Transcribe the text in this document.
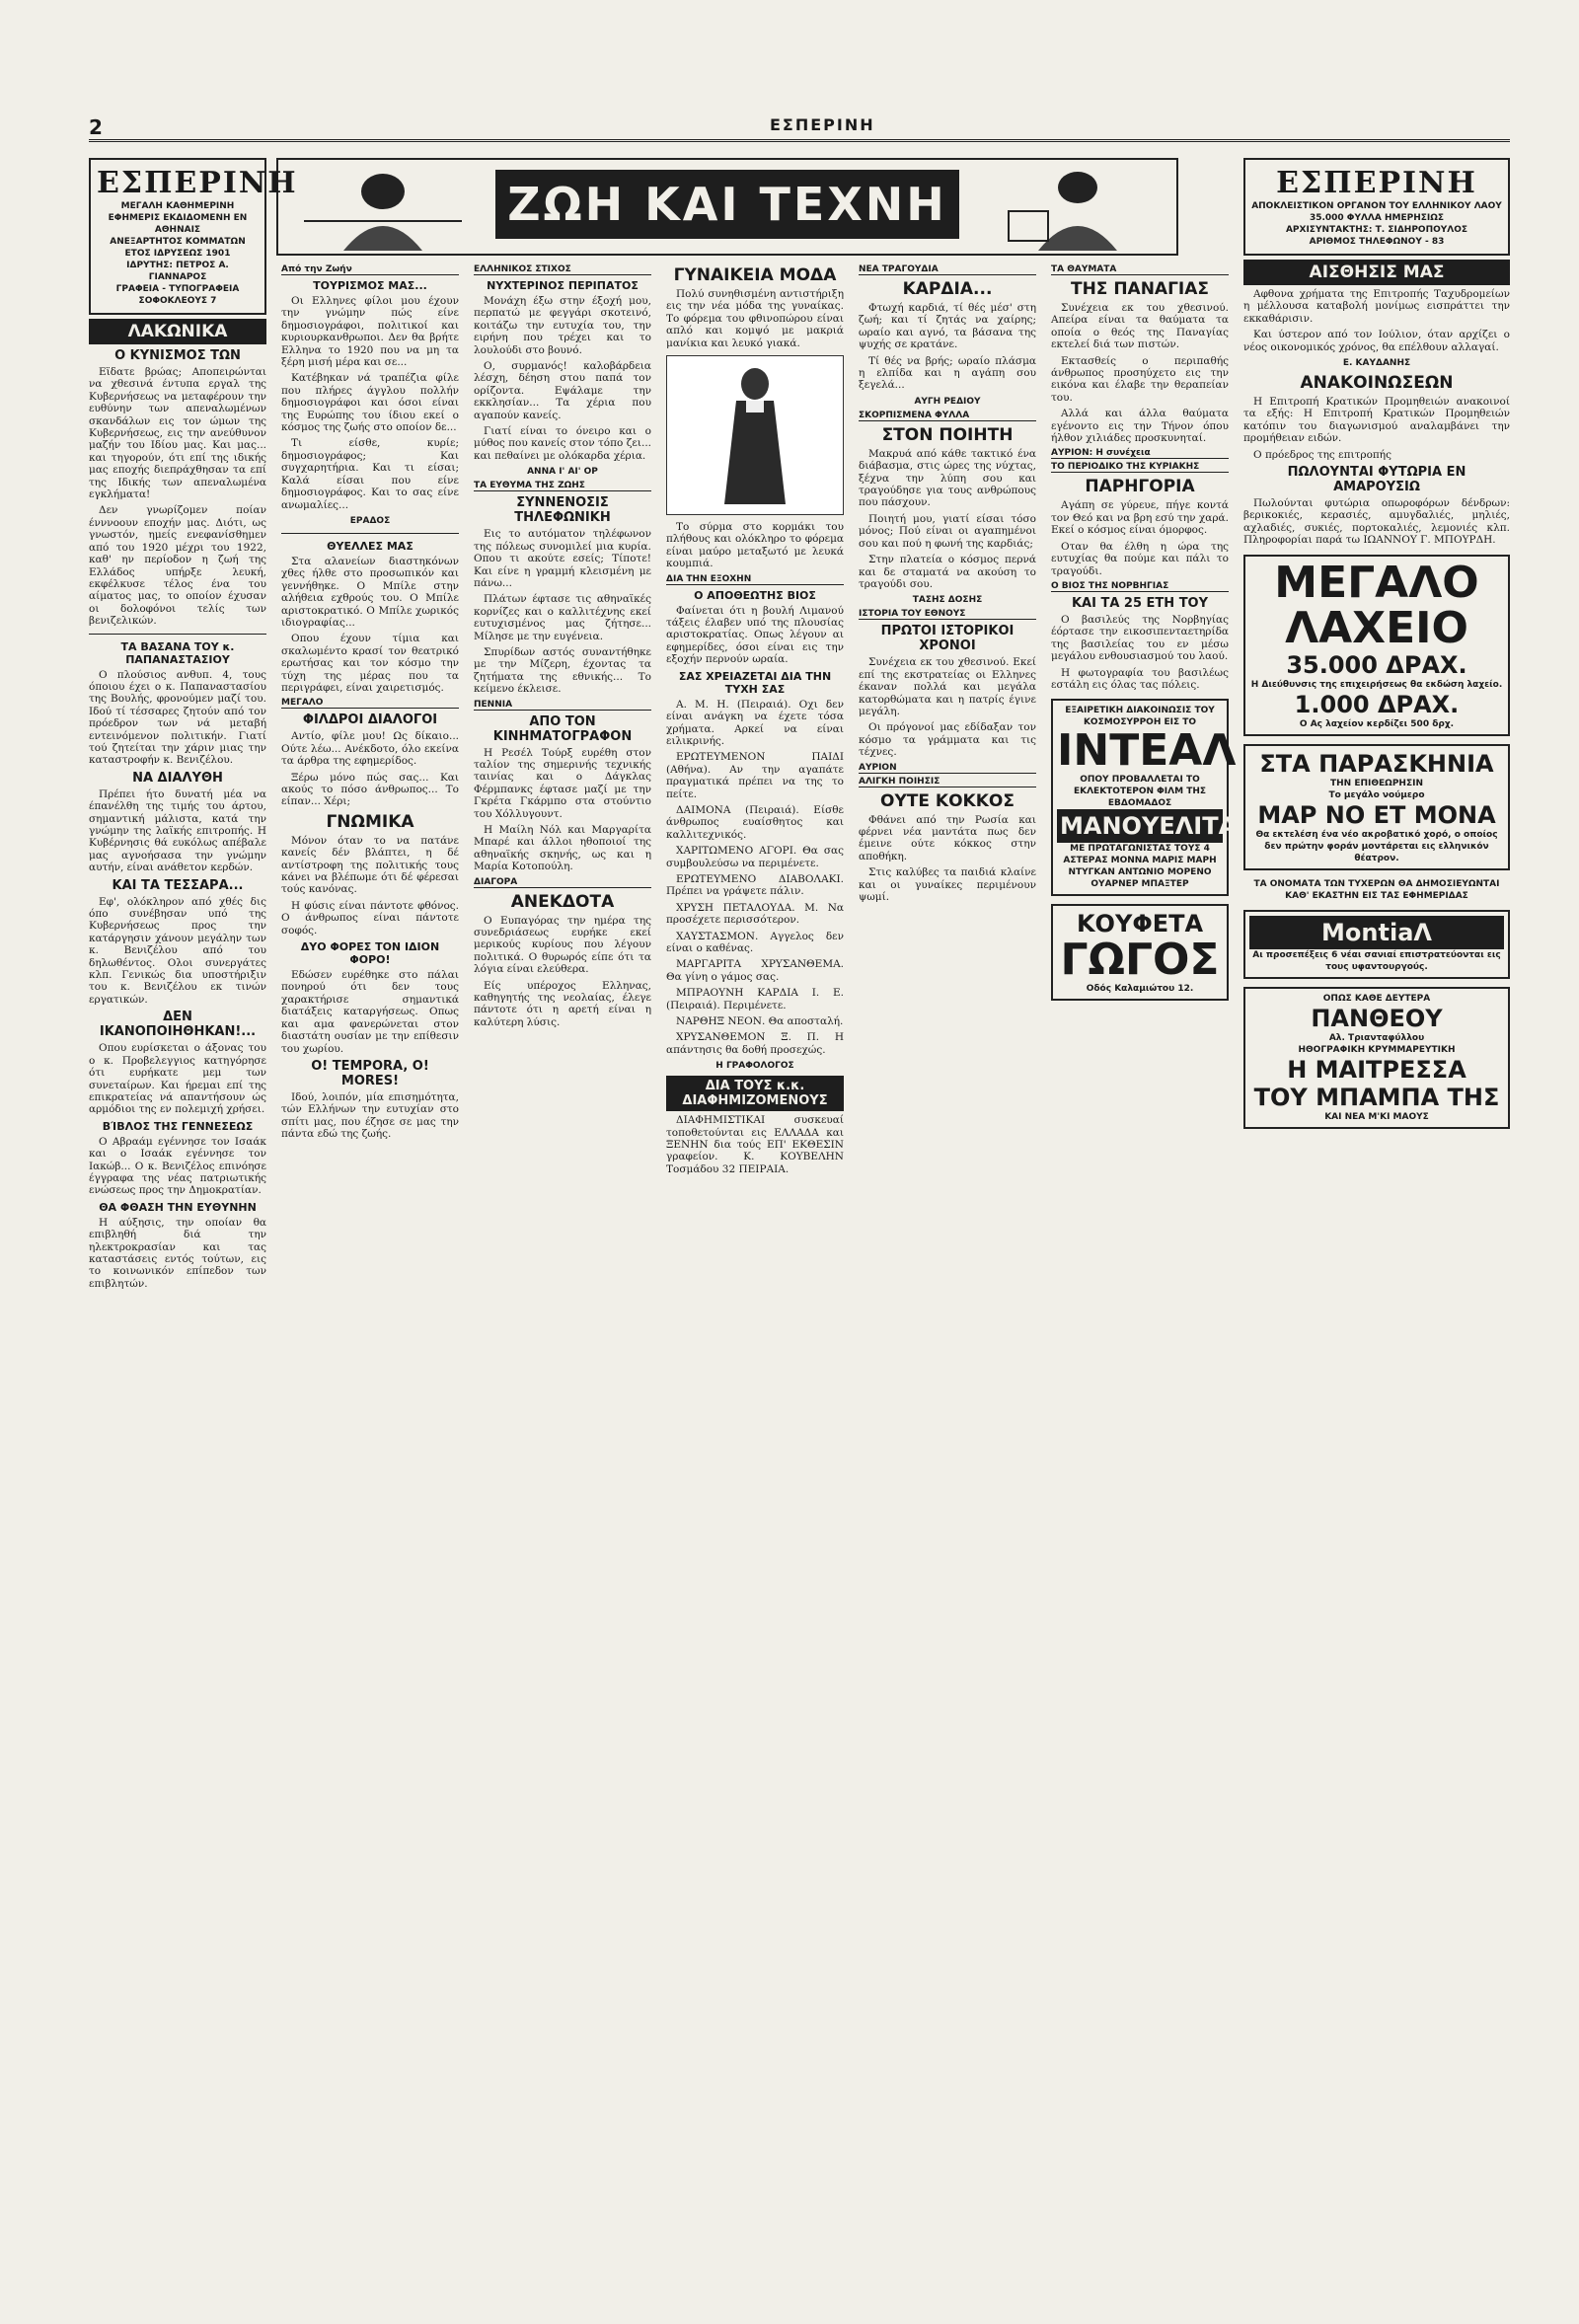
2	ΕΣΠΕΡΙΝΗ
ΖΩΗ ΚΑΙ ΤΕΧΝΗ
ΕΣΠΕΡΙΝΗ
ΜΕΓΑΛΗ ΚΑΘΗΜΕΡΙΝΗ ΕΦΗΜΕΡΙΣ ΕΚΔΙΔΟΜΕΝΗ ΕΝ ΑΘΗΝΑΙΣ
ΑΝΕΞΑΡΤΗΤΟΣ ΚΟΜΜΑΤΩΝ
ΕΤΟΣ ΙΔΡΥΣΕΩΣ 1901
ΙΔΡΥΤΗΣ: ΠΕΤΡΟΣ Α. ΓΙΑΝΝΑΡΟΣ
ΓΡΑΦΕΙΑ - ΤΥΠΟΓΡΑΦΕΙΑ ΣΟΦΟΚΛΕΟΥΣ 7
ΛΑΚΩΝΙΚΑ
Ο ΚΥΝΙΣΜΟΣ ΤΩΝ

Εϊδατε βρώας; Αποπειρώνται να χθεσινά έντυπα εργαλ της Κυβερνήσεως να μεταφέρουν την ευθύνην των απεναλωμένων σκανδάλων εις τον ώμων της Κυβερνήσεως, εις την ανεύθυνον μαζήν του Ιδίου μας. Και μας... και τηγορούν, ότι επί της ιδικής μας εποχής διεπράχθησαν τα επί της Ιδικής των απεναλωμένα εγκλήματα!

Δεν γνωρίζομεν ποίαν ένννοουν εποχήν μας. Διότι, ως γνωστόν, ημείς ενεφανίσθημεν από του 1920 μέχρι του 1922, καθ' ην περίοδον η ζωή της Ελλάδος υπήρξε λευκή, εκφέλκυσε τέλος ένα του αίματος μας, το οποίον έχυσαν οι δολοφόνοι τελίς των βενιζελικών.

ΤΑ ΒΑΣΑΝΑ ΤΟΥ κ. ΠΑΠΑΝΑΣΤΑΣΙΟΥ

Ο πλούσιος ανθυπ. 4, τους όποιου έχει ο κ. Παπαναστασίου της Βουλής, φρονούμεν μαζί του. Ιδού τί τέσσαρες ζητούν από τον πρόεδρον των νά μεταβή εντεινόμενον πολιτικήν. Γιατί τού ζητείται την χάριν μιας την καταστροφήν κ. Βενιζέλου.

ΝΑ ΔΙΑΛΥΘΗ

Πρέπει ήτο δυνατή μέα να έπανέλθη της τιμής του άρτου, σημαντική μάλιστα, κατά την γνώμην της λαϊκής επιτροπής. Η Κυβέρνησις θά ευκόλως απέβαλε μας αγνοήσασα την γνώμην αυτήν, είναι ανάθετον κερδών.

ΚΑΙ ΤΑ ΤΕΣΣΑΡΑ...

Εφ', ολόκληρον από χθές δις όπο συνέβησαν υπό της Κυβερνήσεως προς την κατάργησιν χάνουν μεγάλην των κ. Βενιζέλου από του δηλωθέντος. Ολοι συνεργάτες κλπ. Γενικώς δια υποστήριξιν του κ. Βενιζέλου εκ τινών εργατικών.

ΔΕΝ ΙΚΑΝΟΠΟΙΗΘΗΚΑΝ!...

Οπου ευρίσκεται ο άξονας του ο κ. Προβελεγγιος κατηγόρησε ότι ευρήκατε μεμ των συνεταίρων. Και ήρεμαι επί της επικρατείας νά απαντήσουν ώς αρμόδιοι της εν πολεμιχή χρήσει.

ΒΊΒΛΟΣ ΤΗΣ ΓΕΝΝΕΣΕΩΣ

Ο Αβραάμ εγέννησε τον Ισαάκ και ο Ισαάκ εγέννησε τον Ιακώβ... Ο κ. Βενιζέλος επινόησε έγγραφα της νέας πατριωτικής ενώσεως προς την Δημοκρατίαν.

ΘΑ ΦΘΑΣΗ ΤΗΝ ΕΥΘΥΝΗΝ

Η αύξησις, την οποίαν θα επιβληθή διά την ηλεκτροκρασίαν και τας καταστάσεις εντός τούτων, εις το κοινωνικόν επίπεδον των επιβλητών.

Από την Ζωήν
ΤΟΥΡΙΣΜΟΣ ΜΑΣ...

Οι Ελληνες φίλοι μου έχουν την γνώμην πώς είνε δημοσιογράφοι, πολιτικοί και κυριουρκανθρωποι. Δεν θα βρήτε Ελληνα το 1920 που να μη τα ξέρη μισή μέρα και σε...

Κατέβηκαν νά τραπέζια φίλε που πλήρες άγγλου πολλήν δημοσιογράφοι και όσοι είναι της Ευρώπης του ίδιου εκεί ο κόσμος της ζωής στο οποίον δε...

Τι είσθε, κυρίε; δημοσιογράφος; Και συγχαρητήρια. Και τι είσαι; Καλά είσαι που είνε δημοσιογράφος. Και το σας είνε ανωμαλίες...

ΕΡΑΔΟΣ
ΘΥΕΛΛΕΣ ΜΑΣ

Στα αλανείων διαστηκόνων χθες ήλθε στο προσωπικόν και γεννήθηκε. Ο Μπίλε στην αλήθεια εχθρούς του. Ο Μπίλε αριστοκρατικό. Ο Μπίλε χωρικός ιδιογραφίας...

Οπου έχουν τίμια και σκαλωμέντο κρασί τον θεατρικό ερωτήσας και τον κόσμο την τύχη της μέρας που τα περιγράφει, είναι χαιρετισμός.

ΜΕΓΑΛΟ
ΦΙΛΔΡΟΙ ΔΙΑΛΟΓΟΙ

Αντίο, φίλε μου! Ως δίκαιο... Ούτε λέω... Ανέκδοτο, όλο εκείνα τα άρθρα της εφημερίδος.

Ξέρω μόνο πώς σας... Και ακούς το πόσο άνθρωπος... Το είπαν... Χέρι;

ΓΝΩΜΙΚΑ

Μόνον όταν το να πατάνε κανείς δέν βλάπτει, η δέ αντίστροφη της πολιτικής τους κάνει να βλέπωμε ότι δέ φέρεσαι τούς κανόνας.

Η φύσις είναι πάντοτε φθόνος. Ο άνθρωπος είναι πάντοτε σοφός.

ΔΥΟ ΦΟΡΕΣ ΤΟΝ ΙΔΙΟΝ ΦΟΡΟ!

Εδώσεν ευρέθηκε στο πάλαι πονηρού ότι δεν τους χαρακτήρισε σημαντικά διατάξεις καταργήσεως. Οπως και αμα φανερώνεται στον διαστάτη ουσίαν με την επίθεσιν του χωρίου.

O! TEMPORA, O! MORES!

Ιδού, λοιπόν, μία επισημότητα, τών Ελλήνων την ευτυχίαν στο σπίτι μας, που έζησε σε μας την πάντα εδώ της ζωής.

ΕΛΛΗΝΙΚΟΣ ΣΤΙΧΟΣ
ΝΥΧΤΕΡΙΝΟΣ ΠΕΡΙΠΑΤΟΣ

Μονάχη έξω στην έξοχή μου, περπατώ με φεγγάρι σκοτεινό, κοιτάζω την ευτυχία του, την ειρήνη που τρέχει και το λουλούδι στο βουνό.

Ο, συρμανός! καλοβάρδεια λέσχη, δέηση στου παπά τον ορίζοντα. Εψάλαμε την εκκλησίαν... Τα χέρια που αγαπούν κανείς.

Γιατί είναι το όνειρο και ο μύθος που κανείς στον τόπο ζει... και πεθαίνει με ολόκαρδα χέρια.

ΑΝΝΑ Ι' ΑΙ' ΟΡ
ΤΑ ΕΥΘΥΜΑ ΤΗΣ ΖΩΗΣ
ΣΥΝΝΕΝΟΣΙΣ ΤΗΛΕΦΩΝΙΚΗ

Εις το αυτόματον τηλέφωνον της πόλεως συνομιλεί μια κυρία. Οπου τι ακούτε εσείς; Τίποτε! Και είνε η γραμμή κλεισμένη με πάνω...

Πλάτων έφτασε τις αθηναϊκές κορνίζες και ο καλλιτέχνης εκεί ευτυχισμένος μας ζήτησε... Μίλησε με την ευγένεια.

Σπυρίδων αστός συναντήθηκε με την Μίζερη, έχοντας τα ζητήματα της εθνικής... Το κείμενο έκλεισε.

ΠΕΝΝΙΑ
ΑΠΟ ΤΟΝ ΚΙΝΗΜΑΤΟΓΡΑΦΟΝ

Η Ρεσέλ Τούρξ ευρέθη στον ταλίον της σημερινής τεχνικής ταινίας και ο Δάγκλας Φέρμπανκς έφτασε μαζί με την Γκρέτα Γκάρμπο στα στούντιο του Χόλλυγουντ.

Η Μαίλη Νόλ και Μαργαρίτα Μπαρέ και άλλοι ηθοποιοί της αθηναϊκής σκηνής, ως και η Μαρία Κοτοπούλη.

ΔΙΑΓΟΡΑ
ΑΝΕΚΔΟΤΑ

Ο Ευπαγόρας την ημέρα της συνεδριάσεως ευρήκε εκεί μερικούς κυρίους που λέγουν πολιτικά. Ο θυρωρός είπε ότι τα λόγια είναι ελεύθερα.

Είς υπέροχος Ελληνας, καθηγητής της νεολαίας, έλεγε πάντοτε ότι η αρετή είναι η καλύτερη λύσις.

ΓΥΝΑΙΚΕΙΑ ΜΟΔΑ

Πολύ συνηθισμένη αντιστήριξη εις την νέα μόδα της γυναίκας. Το φόρεμα του φθινοπώρου είναι απλό και κομψό με μακριά μανίκια και λευκό γιακά.

Το σύρμα στο κορμάκι του πλήθους και ολόκληρο το φόρεμα είναι μαύρο μεταξωτό με λευκά κουμπιά.

ΔΙΑ ΤΗΝ ΕΞΟΧΗΝ
Ο ΑΠΟΘΕΩΤΗΣ ΒΙΟΣ

Φαίνεται ότι η βουλή Λιμανού τάξεις έλαβεν υπό της πλουσίας αριστοκρατίας. Οπως λέγουν αι εφημερίδες, όσοι είναι εις την εξοχήν περνούν ωραία.

ΣΑΣ ΧΡΕΙΑΖΕΤΑΙ ΔΙΑ ΤΗΝ ΤΥΧΗ ΣΑΣ

Α. Μ. Η. (Πειραιά). Οχι δεν είναι ανάγκη να έχετε τόσα χρήματα. Αρκεί να είναι ειλικρινής.

ΕΡΩΤΕΥΜΕΝΟΝ ΠΑΙΔΙ (Αθήνα). Αν την αγαπάτε πραγματικά πρέπει να της το πείτε.

ΔΑΙΜΟΝΑ (Πειραιά). Είσθε άνθρωπος ευαίσθητος και καλλιτεχνικός.

ΧΑΡΙΤΩΜΕΝΟ ΑΓΟΡΙ. Θα σας συμβουλεύσω να περιμένετε.

ΕΡΩΤΕΥΜΕΝΟ ΔΙΑΒΟΛΑΚΙ. Πρέπει να γράψετε πάλιν.

ΧΡΥΣΗ ΠΕΤΑΛΟΥΔΑ. Μ. Να προσέχετε περισσότερον.

ΧΑΥΣΤΑΣΜΟΝ. Αγγελος δεν είναι ο καθένας.

ΜΑΡΓΑΡΙΤΑ ΧΡΥΣΑΝΘΕΜΑ. Θα γίνη ο γάμος σας.

ΜΠΡΑΟΥΝΗ ΚΑΡΔΙΑ Ι. Ε. (Πειραιά). Περιμένετε.

ΝΑΡΘΗΞ ΝΕΟΝ. Θα αποσταλή.

ΧΡΥΣΑΝΘΕΜΟΝ Ξ. Π. Η απάντησις θα δοθή προσεχώς.

Η ΓΡΑΦΟΛΟΓΟΣ
ΔΙΑ ΤΟΥΣ κ.κ. ΔΙΑΦΗΜΙΖΟΜΕΝΟΥΣ

ΔΙΑΦΗΜΙΣΤΙΚΑΙ συσκευαί τοποθετούνται εις ΕΛΛΑΔΑ και ΞΕΝΗΝ δια τούς ΕΠ' ΕΚΘΕΣΙΝ γραφείον. Κ. ΚΟΥΒΕΛΗΝ Τοσμάδου 32 ΠΕΙΡΑΙΑ.

ΝΕΑ ΤΡΑΓΟΥΔΙΑ
ΚΑΡΔΙΑ...

Φτωχή καρδιά, τί θές μέσ' στη ζωή; και τί ζητάς να χαίρης; ωραίο και αγνό, τα βάσανα της ψυχής σε κρατάνε.

Τί θές να βρής; ωραίο πλάσμα η ελπίδα και η αγάπη σου ξεγελά...

ΑΥΓΗ ΡΕΔΙΟΥ
ΣΚΟΡΠΙΣΜΕΝΑ ΦΥΛΛΑ
ΣΤΟΝ ΠΟΙΗΤΗ

Μακρυά από κάθε τακτικό ένα διάβασμα, στις ώρες της νύχτας, ξέχνα την λύπη σου και τραγούδησε για τους ανθρώπους που πάσχουν.

Ποιητή μου, γιατί είσαι τόσο μόνος; Πού είναι οι αγαπημένοι σου και πού η φωνή της καρδιάς;

Στην πλατεία ο κόσμος περνά και δε σταματά να ακούση το τραγούδι σου.

ΤΑΣΗΣ ΔΟΣΗΣ
ΙΣΤΟΡΙΑ ΤΟΥ ΕΘΝΟΥΣ
ΠΡΩΤΟΙ ΙΣΤΟΡΙΚΟΙ ΧΡΟΝΟΙ

Συνέχεια εκ του χθεσινού. Εκεί επί της εκστρατείας οι Ελληνες έκαναν πολλά και μεγάλα κατορθώματα και η πατρίς έγινε μεγάλη.

Οι πρόγονοί μας εδίδαξαν τον κόσμο τα γράμματα και τις τέχνες.

ΑΥΡΙΟΝ
ΑΛΙΓΚΗ ΠΟΙΗΣΙΣ
ΟΥΤΕ ΚΟΚΚΟΣ

Φθάνει από την Ρωσία και φέρνει νέα μαντάτα πως δεν έμεινε ούτε κόκκος στην αποθήκη.

Στις καλύβες τα παιδιά κλαίνε και οι γυναίκες περιμένουν ψωμί.

ΤΑ ΘΑΥΜΑΤΑ
ΤΗΣ ΠΑΝΑΓΙΑΣ

Συνέχεια εκ του χθεσινού. Απείρα είναι τα θαύματα τα οποία ο θεός της Παναγίας εκτελεί διά των πιστών.

Εκτασθείς ο περιπαθής άνθρωπος προσηύχετο εις την εικόνα και έλαβε την θεραπείαν του.

Αλλά και άλλα θαύματα εγένοντο εις την Τήνον όπου ήλθον χιλιάδες προσκυνηταί.

ΑΥΡΙΟΝ: Η συνέχεια
ΤΟ ΠΕΡΙΟΔΙΚΟ ΤΗΣ ΚΥΡΙΑΚΗΣ
ΠΑΡΗΓΟΡΙΑ

Αγάπη σε γύρευε, πήγε κοντά τον Θεό και να βρη εσύ την χαρά. Εκεί ο κόσμος είναι όμορφος.

Οταν θα έλθη η ώρα της ευτυχίας θα πούμε και πάλι το τραγούδι.

Ο ΒΙΟΣ ΤΗΣ ΝΟΡΒΗΓΙΑΣ
ΚΑΙ ΤΑ 25 ΕΤΗ ΤΟΥ

Ο βασιλεύς της Νορβηγίας έόρτασε την εικοσιπενταετηρίδα της βασιλείας του εν μέσω μεγάλου ενθουσιασμού του λαού.

Η φωτογραφία του βασιλέως εστάλη εις όλας τας πόλεις.

ΕΞΑΙΡΕΤΙΚΗ ΔΙΑΚΟΙΝΩΣΙΣ ΤΟΥ ΚΟΣΜΟΣΥΡΡΟΗ ΕΙΣ ΤΟ
ΙΝΤΕΑΛ
ΟΠΟΥ ΠΡΟΒΑΛΛΕΤΑΙ ΤΟ ΕΚΛΕΚΤΟΤΕΡΟΝ ΦΙΛΜ ΤΗΣ ΕΒΔΟΜΑΔΟΣ
ΜΑΝΟΥΕΛΙΤΑ
ΜΕ ΠΡΩΤΑΓΩΝΙΣΤΑΣ ΤΟΥΣ 4 ΑΣΤΕΡΑΣ ΜΟΝΝΑ ΜΑΡΙΣ ΜΑΡΗ ΝΤΥΓΚΑΝ ΑΝΤΩΝΙΟ ΜΟΡΕΝΟ ΟΥΑΡΝΕΡ ΜΠΑΞΤΕΡ
ΚΟΥΦΕΤΑ
ΓΩΓΟΣ
Οδός Καλαμιώτου 12.
ΕΣΠΕΡΙΝΗ
ΑΠΟΚΛΕΙΣΤΙΚΟΝ ΟΡΓΑΝΟΝ ΤΟΥ ΕΛΛΗΝΙΚΟΥ ΛΑΟΥ
35.000 ΦΥΛΛΑ ΗΜΕΡΗΣΙΩΣ
ΑΡΧΙΣΥΝΤΑΚΤΗΣ: Τ. ΣΙΔΗΡΟΠΟΥΛΟΣ
ΑΡΙΘΜΟΣ ΤΗΛΕΦΩΝΟΥ - 83
ΑΙΣΘΗΣΙΣ ΜΑΣ

Αφθονα χρήματα της Επιτροπής Ταχυδρομείων η μέλλουσα καταβολή μονίμως εισπράττει την εκκαθάρισιν.

Και ύστερον από τον Ιούλιον, όταν αρχίζει ο νέος οικονομικός χρόνος, θα επέλθουν αλλαγαί.

Ε. ΚΑΥΔΑΝΗΣ
ΑΝΑΚΟΙΝΩΣΕΩΝ

Η Επιτροπή Κρατικών Προμηθειών ανακοινοί τα εξής: Η Επιτροπή Κρατικών Προμηθειών κατόπιν του διαγωνισμού αναλαμβάνει την προμήθειαν ειδών.

Ο πρόεδρος της επιτροπής

ΠΩΛΟΥΝΤΑΙ ΦΥΤΩΡΙΑ ΕΝ ΑΜΑΡΟΥΣΙΩ

Πωλούνται φυτώρια οπωροφόρων δένδρων: βερικοκιές, κερασιές, αμυγδαλιές, μηλιές, αχλαδιές, συκιές, πορτοκαλιές, λεμονιές κλπ. Πληροφορίαι παρά τω ΙΩΑΝΝΟΥ Γ. ΜΠΟΥΡΔΗ.

ΜΕΓΑΛΟ ΛΑΧΕΙΟ
35.000 ΔΡΑΧ.
Η Διεύθυνσις της επιχειρήσεως θα εκδώση λαχείο.
1.000 ΔΡΑΧ.
Ο Ας λαχείον κερδίζει 500 δρχ.
ΣΤΑ ΠΑΡΑΣΚΗΝΙΑ
ΤΗΝ ΕΠΙΘΕΩΡΗΣΙΝ
Το μεγάλο νούμερο
ΜΑΡ ΝΟ ΕΤ ΜΟΝΑ
Θα εκτελέση ένα νέο ακροβατικό χορό, ο οποίος δεν πρώτην φοράν μοντάρεται εις ελληνικόν θέατρον.
ΤΑ ΟΝΟΜΑΤΑ ΤΩΝ ΤΥΧΕΡΩΝ ΘΑ ΔΗΜΟΣΙΕΥΩΝΤΑΙ ΚΑΘ' ΕΚΑΣΤΗΝ ΕΙΣ ΤΑΣ ΕΦΗΜΕΡΙΔΑΣ
ΜοntiaΛ
Αι προσεπέξεις 6 νέαι σανιαί επιστρατεύονται εις τους υφαντουργούς.
ΟΠΩΣ ΚΑΘΕ ΔΕΥΤΕΡΑ
ΠΑΝΘΕΟΥ
Αλ. Τριανταφύλλου
ΗΘΟΓΡΑΦΙΚΗ ΚΡΥΜΜΑΡΕΥΤΙΚΗ
Η ΜΑΙΤΡΕΣΣΑ
ΤΟΥ ΜΠΑΜΠΑ ΤΗΣ
ΚΑΙ ΝΕΑ Μ'ΚΙ ΜΑΟΥΣ
